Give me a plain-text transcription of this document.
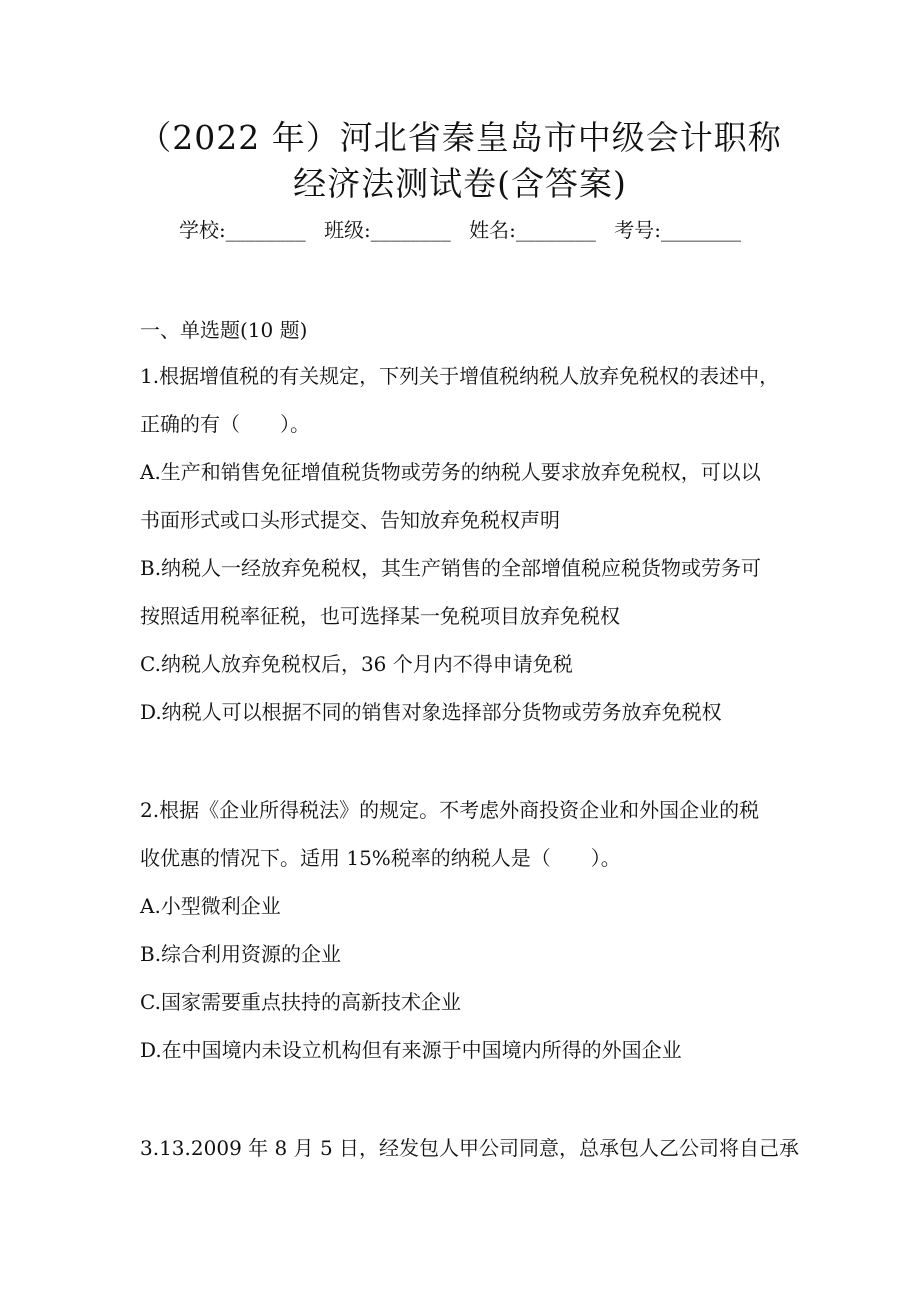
（2022 年）河北省秦皇岛市中级会计职称
经济法测试卷(含答案)
学校:________ 班级:________ 姓名:________ 考号:________
一、单选题(10 题)
1.根据增值税的有关规定，下列关于增值税纳税人放弃免税权的表述中，
正确的有（　　）。
A.生产和销售免征增值税货物或劳务的纳税人要求放弃免税权，可以以
书面形式或口头形式提交、告知放弃免税权声明
B.纳税人一经放弃免税权，其生产销售的全部增值税应税货物或劳务可
按照适用税率征税，也可选择某一免税项目放弃免税权
C.纳税人放弃免税权后，36 个月内不得申请免税
D.纳税人可以根据不同的销售对象选择部分货物或劳务放弃免税权
2.根据《企业所得税法》的规定。不考虑外商投资企业和外国企业的税
收优惠的情况下。适用 15%税率的纳税人是（　　）。
A.小型微利企业
B.综合利用资源的企业
C.国家需要重点扶持的高新技术企业
D.在中国境内未设立机构但有来源于中国境内所得的外国企业
3.13.2009 年 8 月 5 日，经发包人甲公司同意，总承包人乙公司将自己承
